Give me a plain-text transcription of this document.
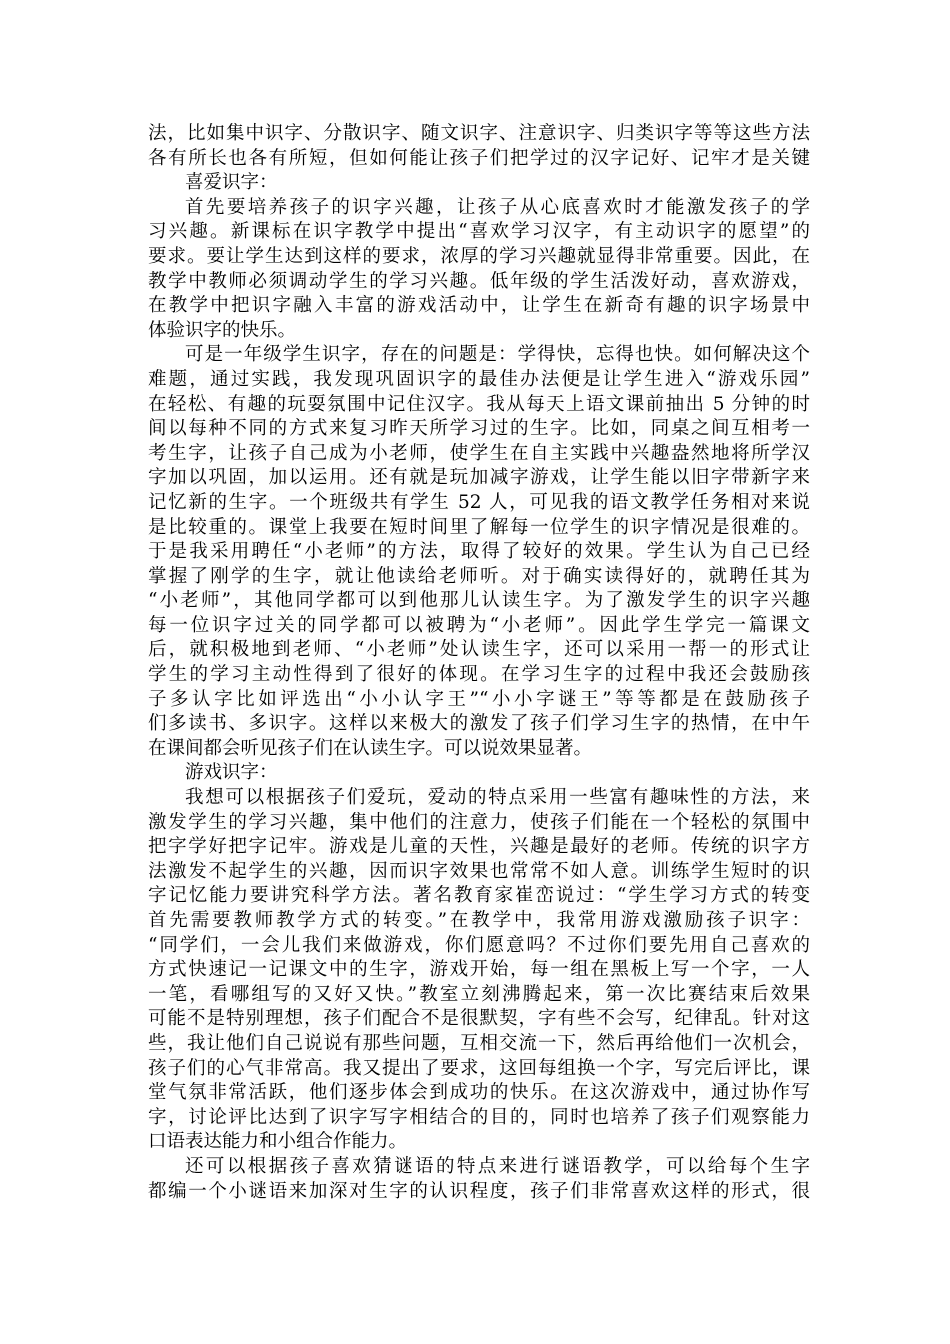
法，比如集中识字、分散识字、随文识字、注意识字、归类识字等等这些方法
各有所长也各有所短，但如何能让孩子们把学过的汉字记好、记牢才是关键
喜爱识字：
首先要培养孩子的识字兴趣，让孩子从心底喜欢时才能激发孩子的学
习兴趣。新课标在识字教学中提出“喜欢学习汉字，有主动识字的愿望”的
要求。要让学生达到这样的要求，浓厚的学习兴趣就显得非常重要。因此，在
教学中教师必须调动学生的学习兴趣。低年级的学生活泼好动，喜欢游戏，
在教学中把识字融入丰富的游戏活动中，让学生在新奇有趣的识字场景中
体验识字的快乐。
可是一年级学生识字，存在的问题是：学得快，忘得也快。如何解决这个
难题，通过实践，我发现巩固识字的最佳办法便是让学生进入“游戏乐园”
在轻松、有趣的玩耍氛围中记住汉字。我从每天上语文课前抽出 5 分钟的时
间以每种不同的方式来复习昨天所学习过的生字。比如，同桌之间互相考一
考生字，让孩子自己成为小老师，使学生在自主实践中兴趣盎然地将所学汉
字加以巩固，加以运用。还有就是玩加减字游戏，让学生能以旧字带新字来
记忆新的生字。一个班级共有学生 52 人，可见我的语文教学任务相对来说
是比较重的。课堂上我要在短时间里了解每一位学生的识字情况是很难的。
于是我采用聘任“小老师”的方法，取得了较好的效果。学生认为自己已经
掌握了刚学的生字，就让他读给老师听。对于确实读得好的，就聘任其为
“小老师”，其他同学都可以到他那儿认读生字。为了激发学生的识字兴趣
每一位识字过关的同学都可以被聘为“小老师”。因此学生学完一篇课文
后，就积极地到老师、“小老师”处认读生字，还可以采用一帮一的形式让
学生的学习主动性得到了很好的体现。在学习生字的过程中我还会鼓励孩
子多认字比如评选出“小小认字王”“小小字谜王”等等都是在鼓励孩子
们多读书、多识字。这样以来极大的激发了孩子们学习生字的热情，在中午
在课间都会听见孩子们在认读生字。可以说效果显著。
游戏识字：
我想可以根据孩子们爱玩，爱动的特点采用一些富有趣味性的方法，来
激发学生的学习兴趣，集中他们的注意力，使孩子们能在一个轻松的氛围中
把字学好把字记牢。游戏是儿童的天性，兴趣是最好的老师。传统的识字方
法激发不起学生的兴趣，因而识字效果也常常不如人意。训练学生短时的识
字记忆能力要讲究科学方法。著名教育家崔峦说过：“学生学习方式的转变
首先需要教师教学方式的转变。”在教学中，我常用游戏激励孩子识字：
“同学们，一会儿我们来做游戏，你们愿意吗？不过你们要先用自己喜欢的
方式快速记一记课文中的生字，游戏开始，每一组在黑板上写一个字，一人
一笔，看哪组写的又好又快。”教室立刻沸腾起来，第一次比赛结束后效果
可能不是特别理想，孩子们配合不是很默契，字有些不会写，纪律乱。针对这
些，我让他们自己说说有那些问题，互相交流一下，然后再给他们一次机会，
孩子们的心气非常高。我又提出了要求，这回每组换一个字，写完后评比，课
堂气氛非常活跃，他们逐步体会到成功的快乐。在这次游戏中，通过协作写
字，讨论评比达到了识字写字相结合的目的，同时也培养了孩子们观察能力
口语表达能力和小组合作能力。
还可以根据孩子喜欢猜谜语的特点来进行谜语教学，可以给每个生字
都编一个小谜语来加深对生字的认识程度，孩子们非常喜欢这样的形式，很
